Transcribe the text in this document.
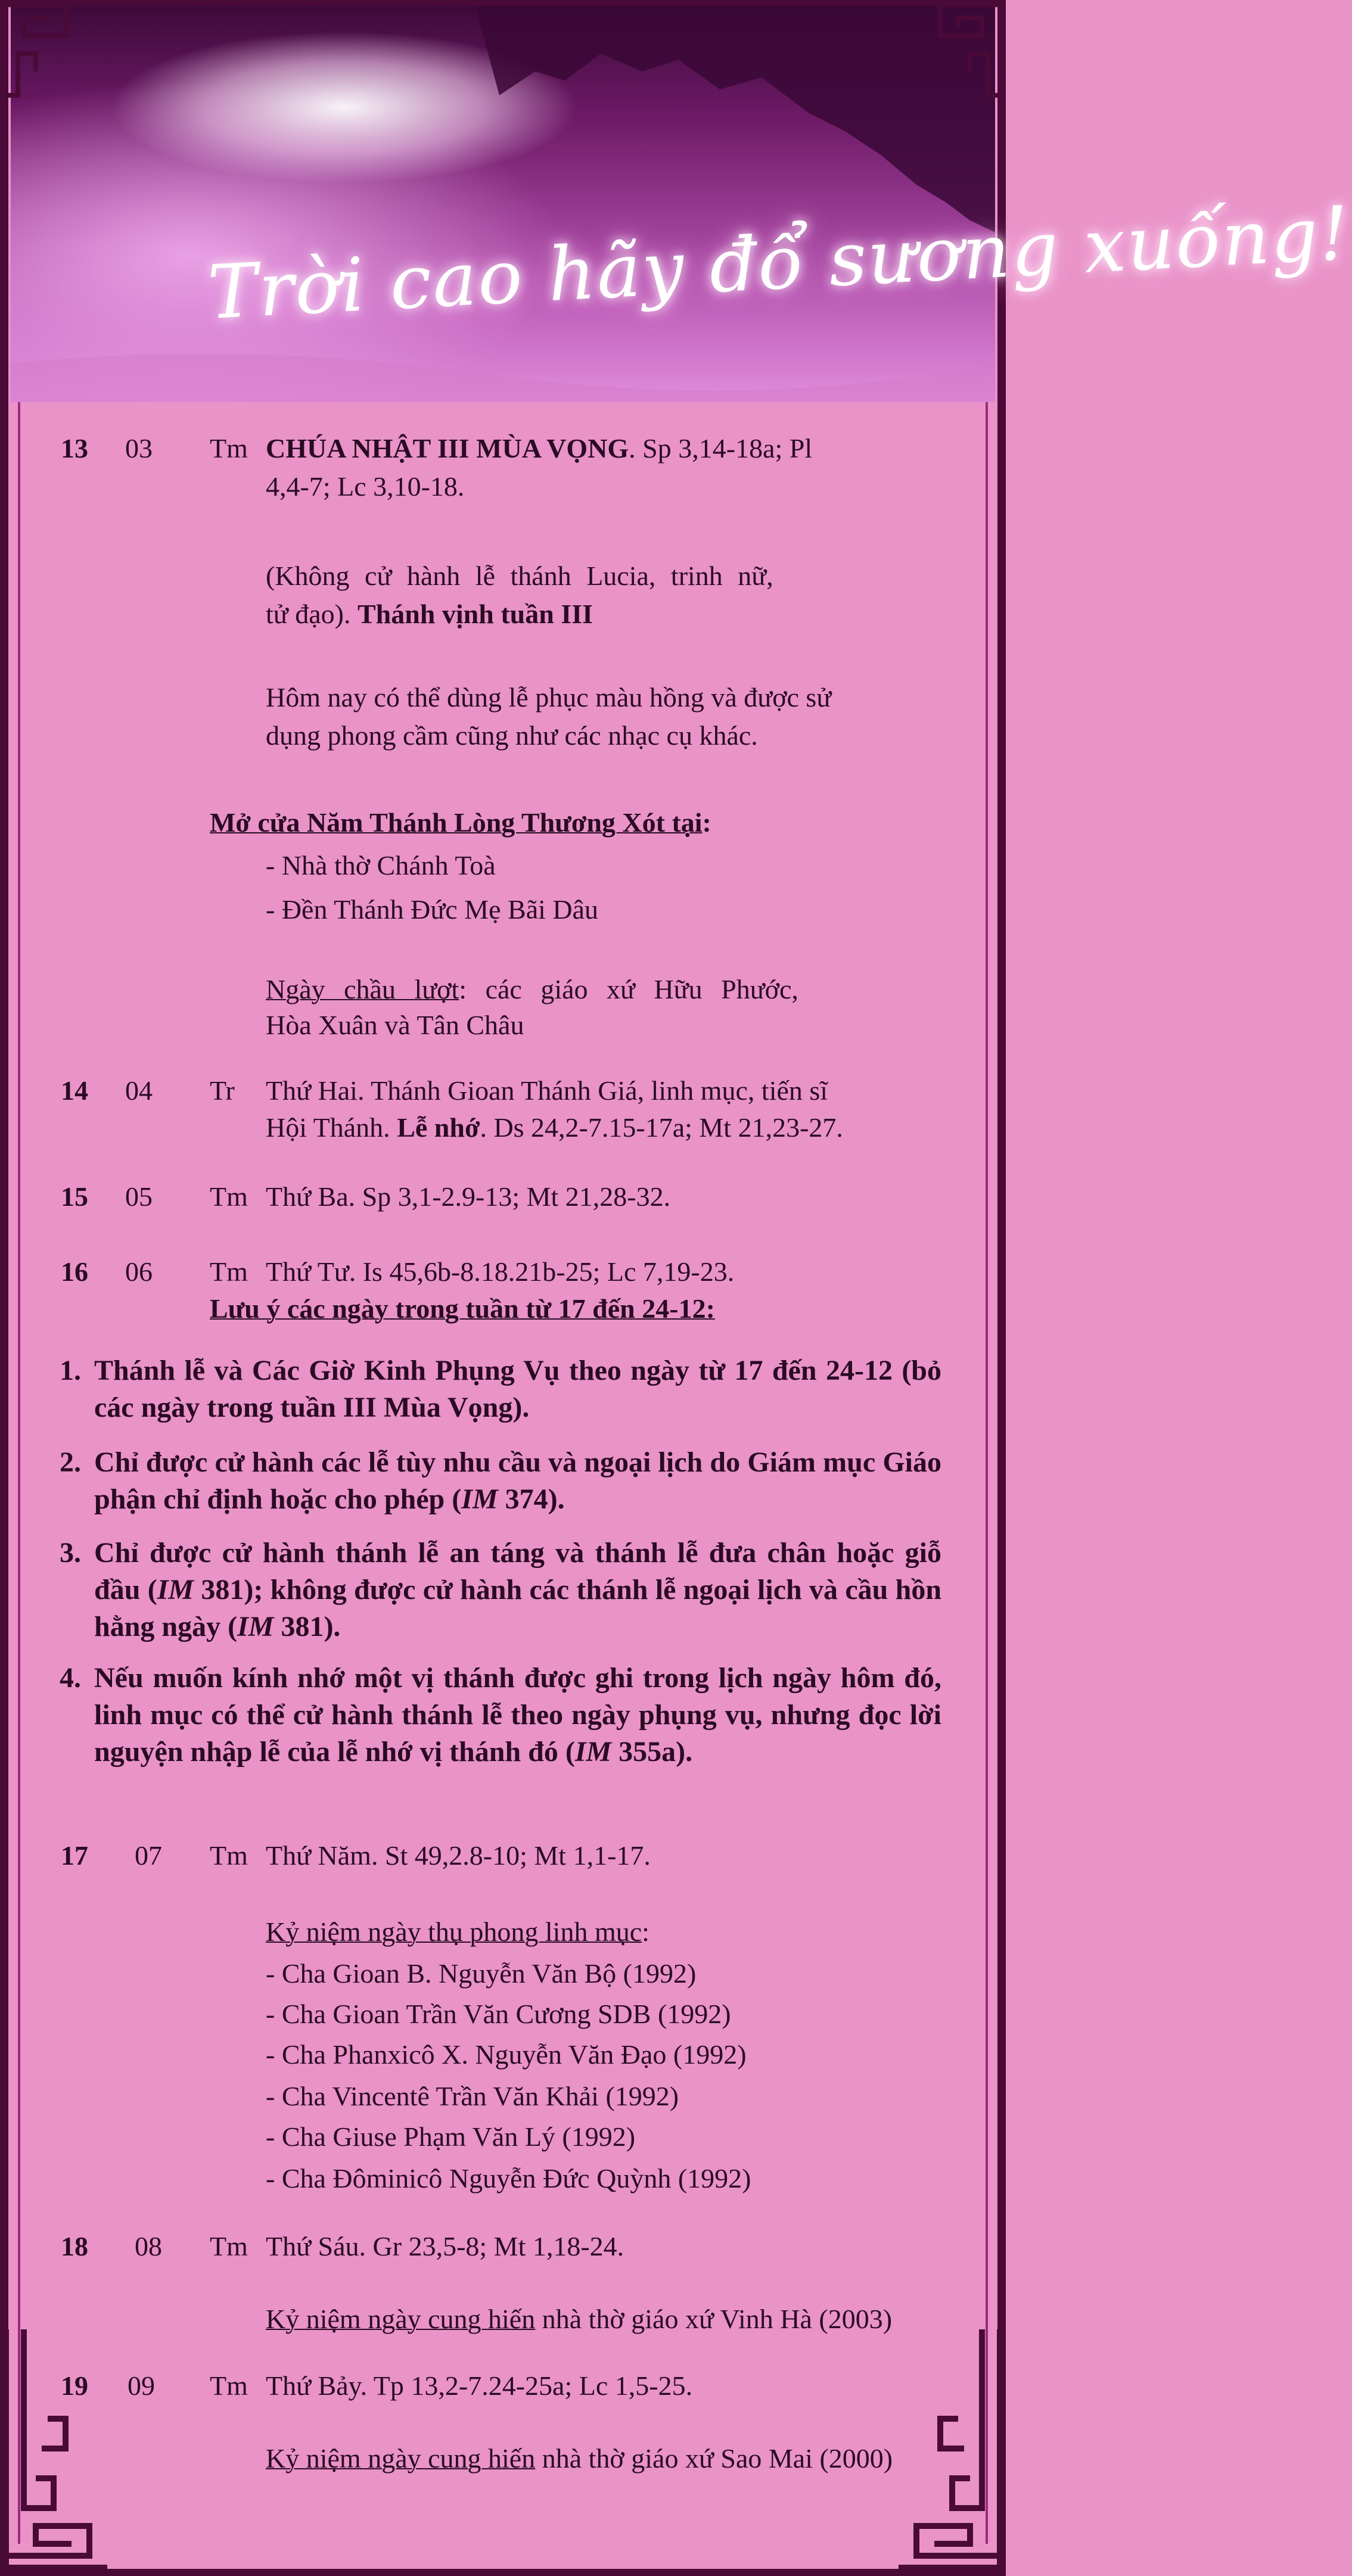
Trời cao hãy đổ sương xuống!
13 03 Tm CHÚA NHẬT III MÙA VỌNG. Sp 3,14-18a; Pl
4,4-7; Lc 3,10-18.
(Không cử hành lễ thánh Lucia, trinh nữ,
tử đạo). Thánh vịnh tuần III
Hôm nay có thể dùng lễ phục màu hồng và được sử
dụng phong cầm cũng như các nhạc cụ khác.
Mở cửa Năm Thánh Lòng Thương Xót tại:
- Nhà thờ Chánh Toà
- Đền Thánh Đức Mẹ Bãi Dâu
Ngày chầu lượt: các giáo xứ Hữu Phước,
Hòa Xuân và Tân Châu
14 04 Tr Thứ Hai. Thánh Gioan Thánh Giá, linh mục, tiến sĩ
Hội Thánh. Lễ nhớ. Ds 24,2-7.15-17a; Mt 21,23-27.
15 05 Tm Thứ Ba. Sp 3,1-2.9-13; Mt 21,28-32.
16 06 Tm Thứ Tư. Is 45,6b-8.18.21b-25; Lc 7,19-23.
Lưu ý các ngày trong tuần từ 17 đến 24-12:
1. Thánh lễ và Các Giờ Kinh Phụng Vụ theo ngày từ 17 đến 24-12 (bỏ các ngày trong tuần III Mùa Vọng).
2. Chỉ được cử hành các lễ tùy nhu cầu và ngoại lịch do Giám mục Giáo phận chỉ định hoặc cho phép (IM 374).
3. Chỉ được cử hành thánh lễ an táng và thánh lễ đưa chân hoặc giỗ đầu (IM 381); không được cử hành các thánh lễ ngoại lịch và cầu hồn hằng ngày (IM 381).
4. Nếu muốn kính nhớ một vị thánh được ghi trong lịch ngày hôm đó, linh mục có thể cử hành thánh lễ theo ngày phụng vụ, nhưng đọc lời nguyện nhập lễ của lễ nhớ vị thánh đó (IM 355a).
17 07 Tm Thứ Năm. St 49,2.8-10; Mt 1,1-17.
Kỷ niệm ngày thụ phong linh mục:
- Cha Gioan B. Nguyễn Văn Bộ (1992)
- Cha Gioan Trần Văn Cương SDB (1992)
- Cha Phanxicô X. Nguyễn Văn Đạo (1992)
- Cha Vincentê Trần Văn Khải (1992)
- Cha Giuse Phạm Văn Lý (1992)
- Cha Đôminicô Nguyễn Đức Quỳnh (1992)
18 08 Tm Thứ Sáu. Gr 23,5-8; Mt 1,18-24.
Kỷ niệm ngày cung hiến nhà thờ giáo xứ Vinh Hà (2003)
19 09 Tm Thứ Bảy. Tp 13,2-7.24-25a; Lc 1,5-25.
Kỷ niệm ngày cung hiến nhà thờ giáo xứ Sao Mai (2000)
